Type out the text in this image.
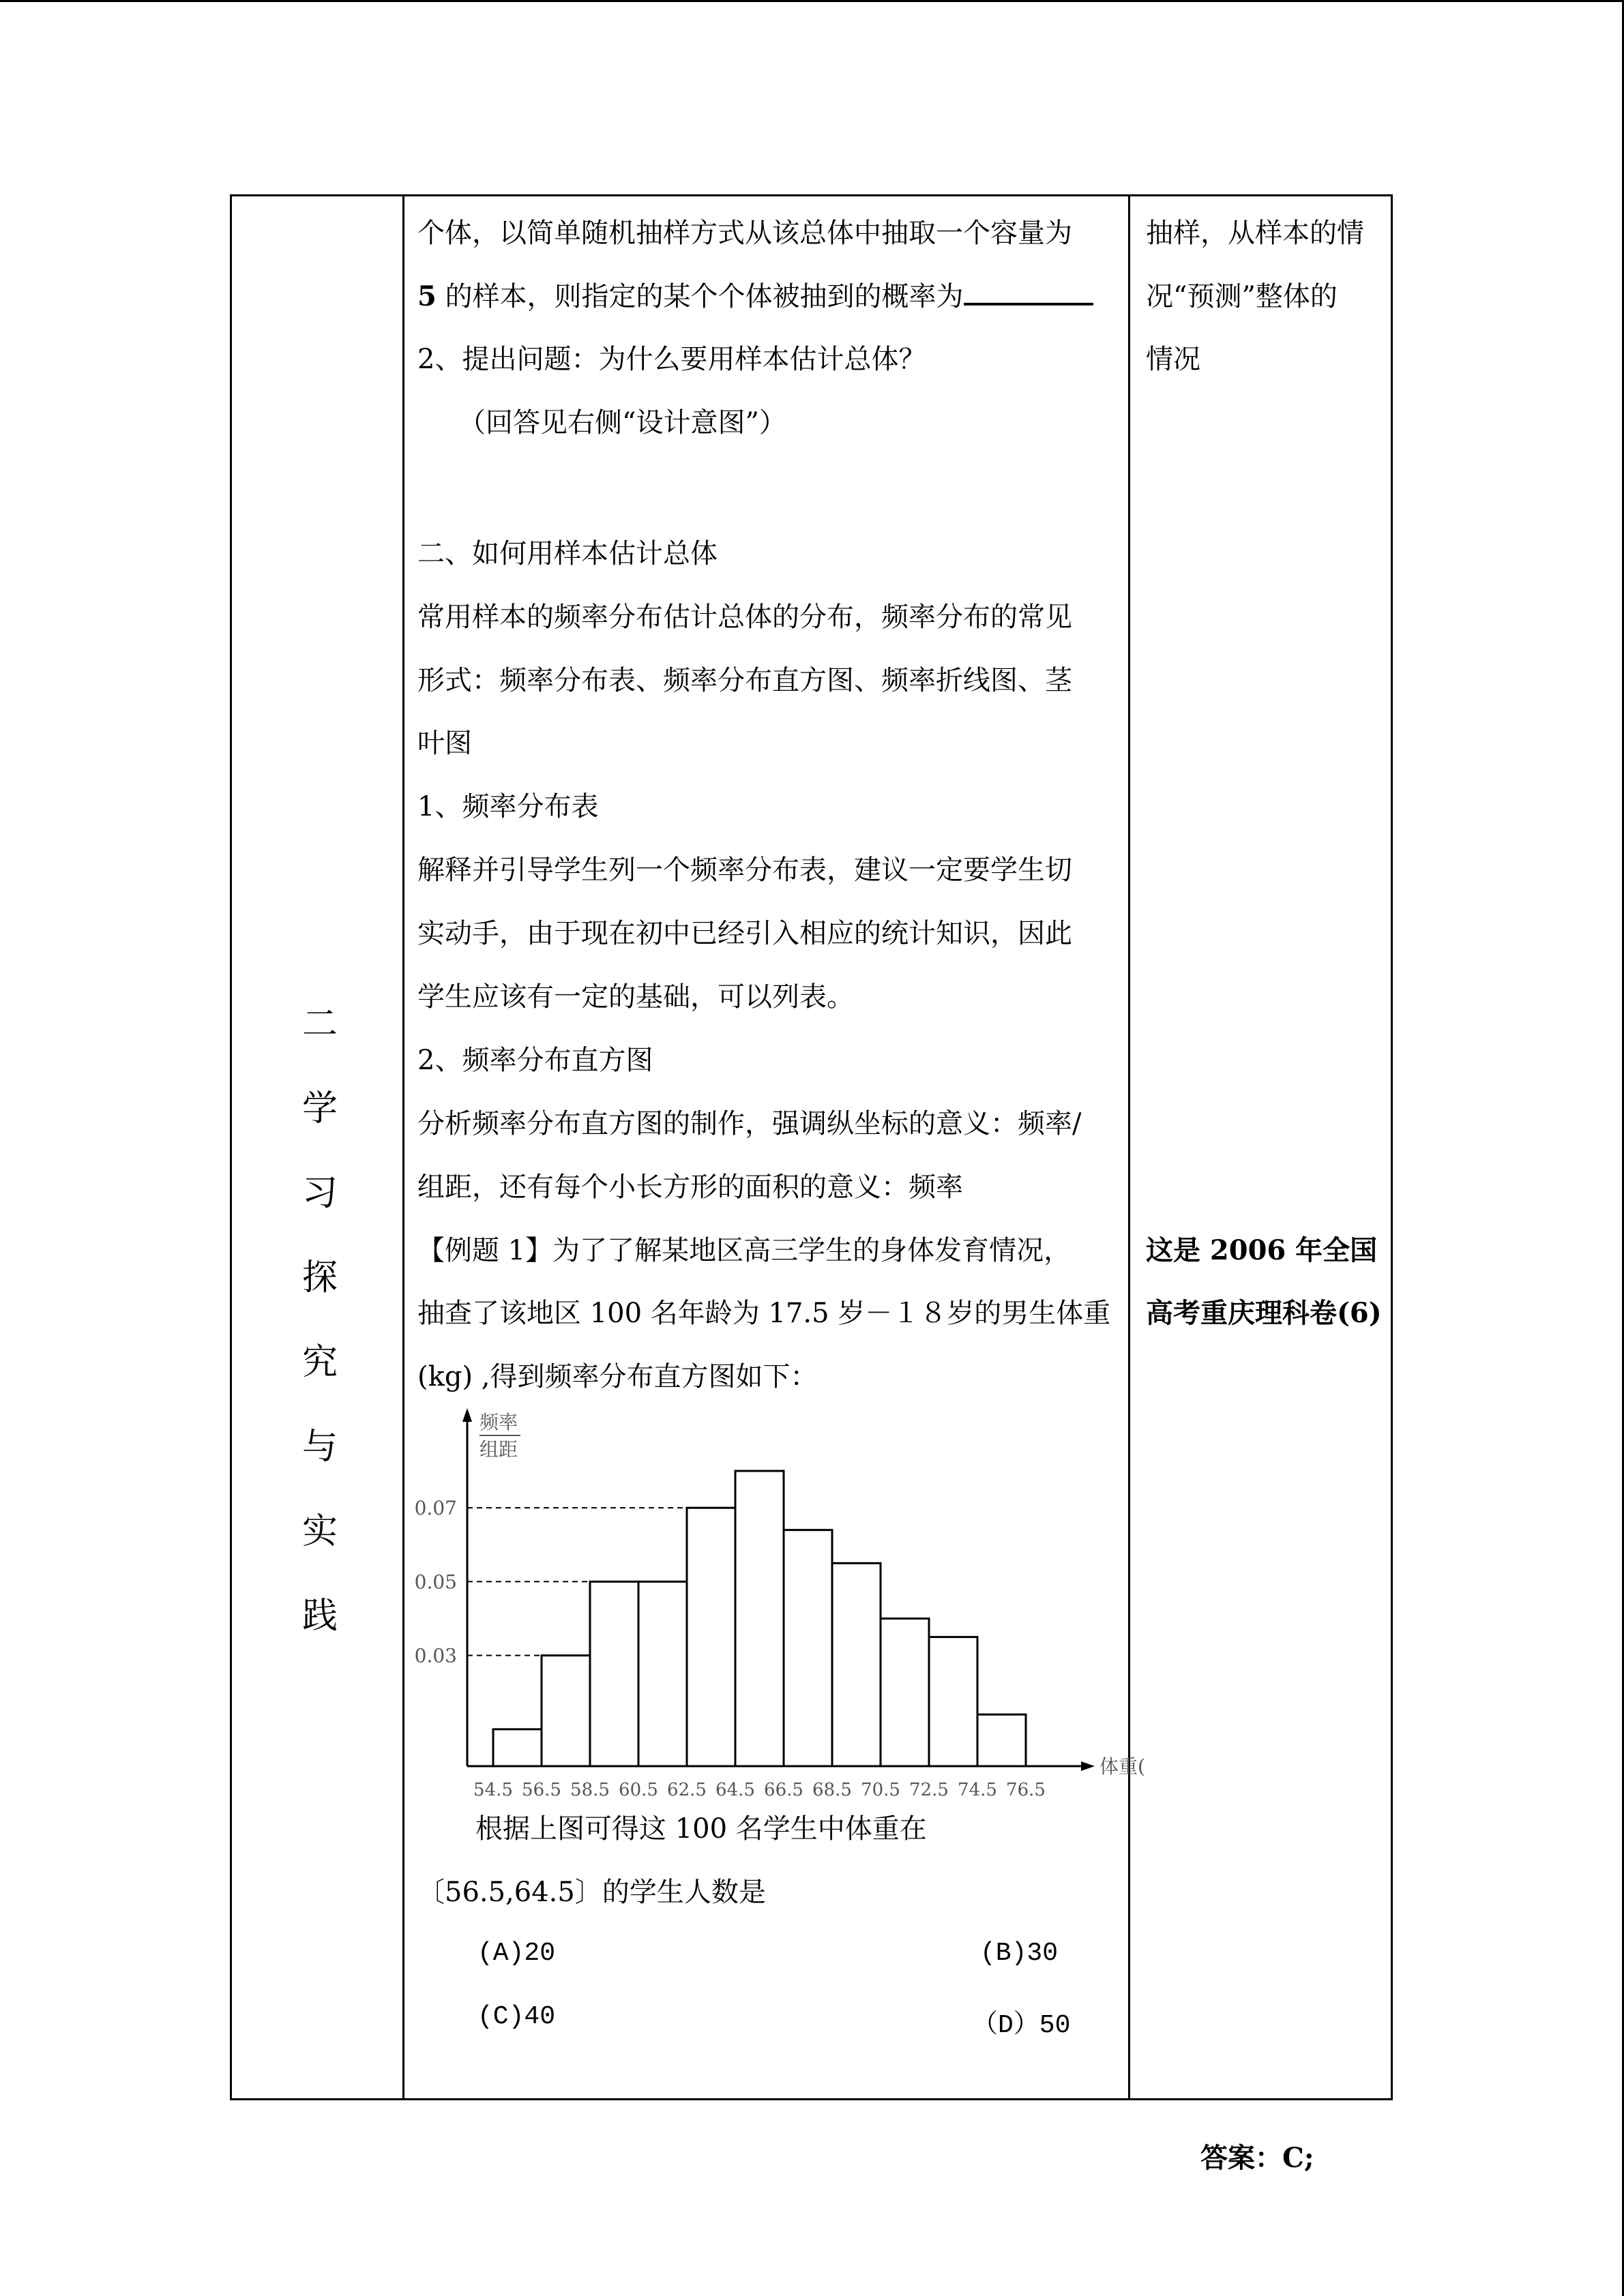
二
学
习
探
究
与
实
践
个体，以简单随机抽样方式从该总体中抽取一个容量为
5 的样本，则指定的某个个体被抽到的概率为
2、提出问题：为什么要用样本估计总体？
（回答见右侧“设计意图”）
二、如何用样本估计总体
常用样本的频率分布估计总体的分布，频率分布的常见
形式：频率分布表、频率分布直方图、频率折线图、茎
叶图
1、频率分布表
解释并引导学生列一个频率分布表，建议一定要学生切
实动手，由于现在初中已经引入相应的统计知识，因此
学生应该有一定的基础，可以列表。
2、频率分布直方图
分析频率分布直方图的制作，强调纵坐标的意义：频率/
组距，还有每个小长方形的面积的意义：频率
【例题 1】为了了解某地区高三学生的身体发育情况，
抽查了该地区 100 名年龄为 17.5 岁－１８岁的男生体重
(kg) ,得到频率分布直方图如下：
根据上图可得这 100 名学生中体重在
〔56.5,64.5〕的学生人数是
(A)20	(B)30
(C)40	（D）50
抽样，从样本的情
况“预测”整体的
情况
这是 2006 年全国
高考重庆理科卷(6)
答案：C;
频率
组距
体重(
0.03
0.05
0.07
54.5 56.5 58.5 60.5 62.5 64.5 66.5 68.5 70.5 72.5 74.5 76.5
